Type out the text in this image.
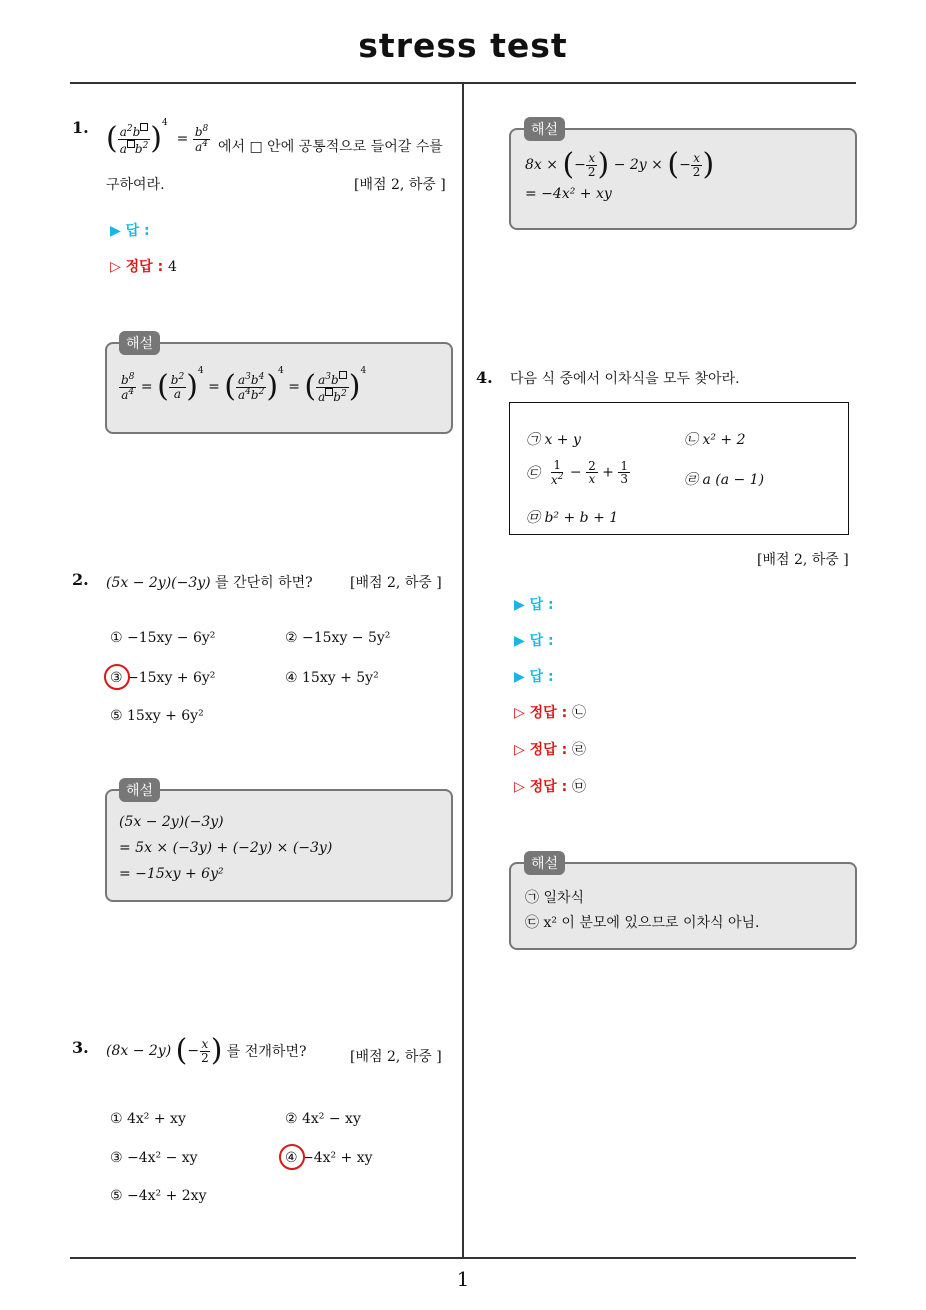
stress test
1
1. ( $\frac{a^2b}{a b^2} )^4 = \frac{b^8}{a^4}$ 에서 □ 안에 공통적으로 들어갈 수를
구하여라.	[배점 2, 하중 ]
▶ 답 :
▷ 정답 : 4
$\frac{b^8}{a^4}$ = ( $\frac{b^2}{a} )^4$ = ( $\frac{a^3b^4}{a^4b^2} )^4$ = ( $\frac{a^3b}{a b^2} )^4$
해설
2. (5x − 2y)(−3y) 를 간단히 하면?	[배점 2, 하중 ]
① −15xy − 6y²	② −15xy − 5y²
③ −15xy + 6y²	④ 15xy + 5y²
⑤ 15xy + 6y²
(5x − 2y)(−3y)
= 5x × (−3y) + (−2y) × (−3y)
= −15xy + 6y²
해설
3. (8x − 2y) (− $\frac{x}{2}$ ) 를 전개하면?	[배점 2, 하중 ]
① 4x² + xy	② 4x² − xy
③ −4x² − xy	④ −4x² + xy
⑤ −4x² + 2xy
8x × (− $\frac{x}{2}$ ) − 2y × (− $\frac{x}{2}$ )
= −4x² + xy
해설
4. 다음 식 중에서 이차식을 모두 찾아라.
㉠ x + y	㉡ x² + 2
㉢ $\frac{1}{x^2} - \frac{2}{x} + \frac{1}{3}$	㉣ a (a − 1)
㉤ b² + b + 1
[배점 2, 하중 ]
▶ 답 :
▶ 답 :
▶ 답 :
▷ 정답 : ㉡
▷ 정답 : ㉣
▷ 정답 : ㉤
㉠ 일차식
㉢ x² 이 분모에 있으므로 이차식 아님.
해설
